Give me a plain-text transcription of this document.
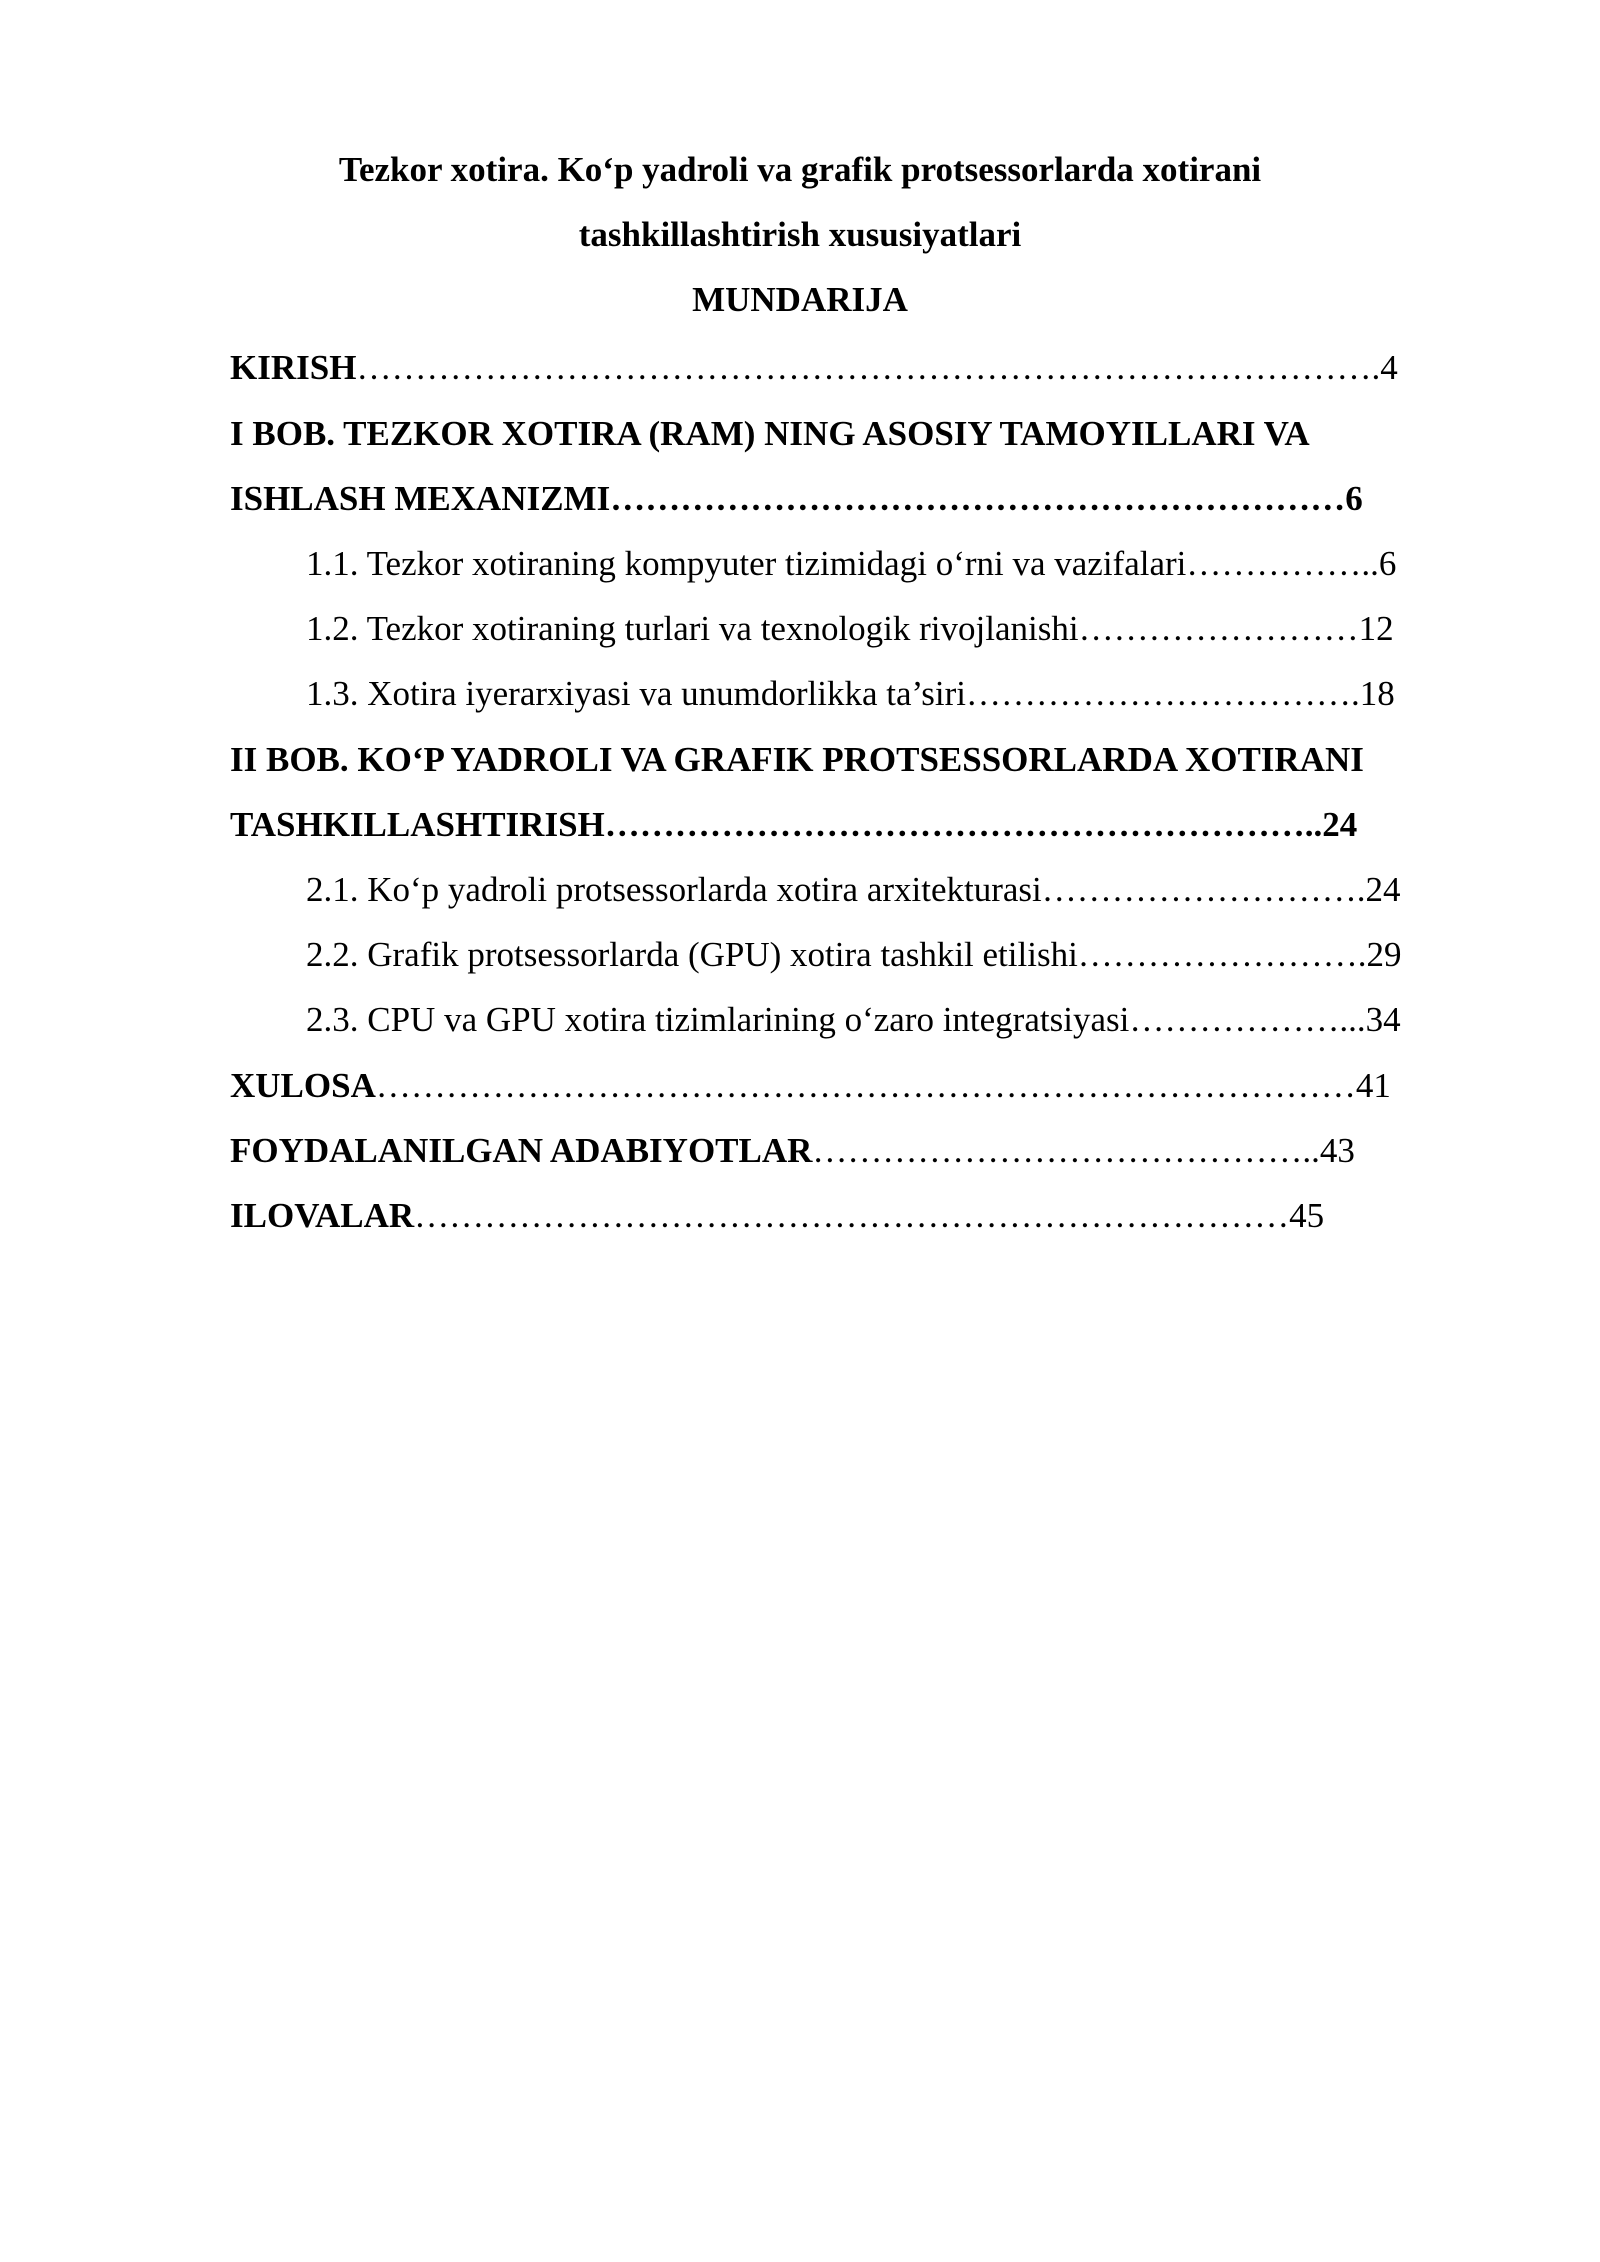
Tezkor xotira. Ko‘p yadroli va grafik protsessorlarda xotirani
tashkillashtirish xususiyatlari
MUNDARIJA
KIRISH…………………………………………………………………………….4
I BOB. TEZKOR XOTIRA (RAM) NING ASOSIY TAMOYILLARI VA
ISHLASH MEXANIZMI………………………………………………………6
1.1. Tezkor xotiraning kompyuter tizimidagi o‘rni va vazifalari……………..6
1.2. Tezkor xotiraning turlari va texnologik rivojlanishi……………………12
1.3. Xotira iyerarxiyasi va unumdorlikka ta’siri…………………………….18
II BOB. KO‘P YADROLI VA GRAFIK PROTSESSORLARDA XOTIRANI
TASHKILLASHTIRISH……………………………………………………..24
2.1. Ko‘p yadroli protsessorlarda xotira arxitekturasi……………………….24
2.2. Grafik protsessorlarda (GPU) xotira tashkil etilishi…………………….29
2.3. CPU va GPU xotira tizimlarining o‘zaro integratsiyasi………………...34
XULOSA…………………………………………………………………………41
FOYDALANILGAN ADABIYOTLAR……………………………………..43
ILOVALAR…………………………………………………………………45
